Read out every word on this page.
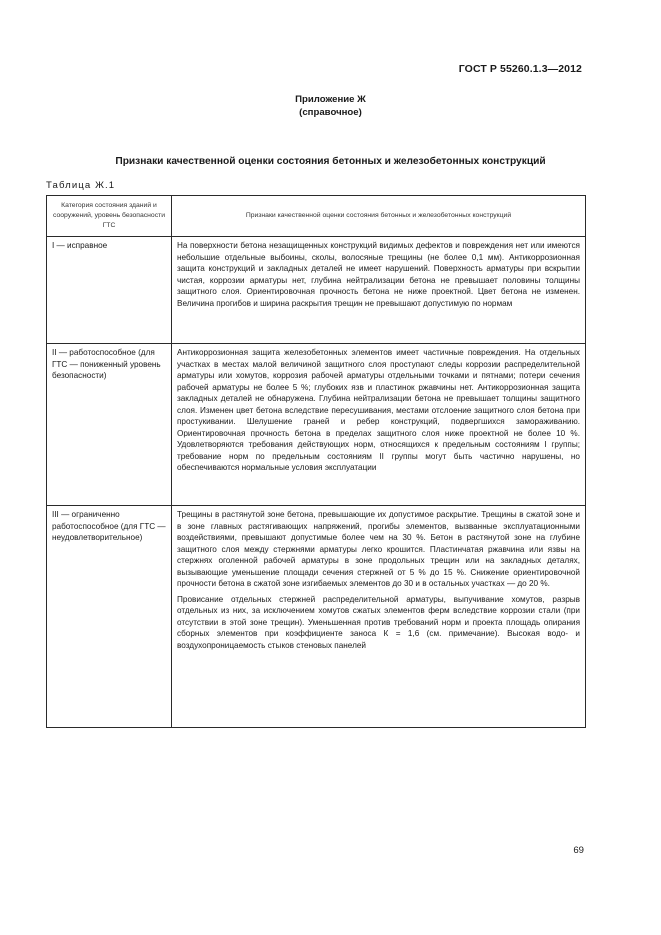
ГОСТ Р 55260.1.3—2012
Приложение Ж
(справочное)
Признаки качественной оценки состояния бетонных и железобетонных конструкций
Таблица Ж.1
Категория состояния зданий и сооружений, уровень безопасности ГТС	Признаки качественной оценки состояния бетонных и железобетонных конструкций
I — исправное	На поверхности бетона незащищенных конструкций видимых дефектов и повреждения нет или имеются небольшие отдельные выбоины, сколы, волосяные трещины (не более 0,1 мм). Антикоррозионная защита конструкций и закладных деталей не имеет нарушений. Поверхность арматуры при вскрытии чистая, коррозии арматуры нет, глубина нейтрализации бетона не превышает половины толщины защитного слоя. Ориентировочная прочность бетона не ниже проектной. Цвет бетона не изменен. Величина прогибов и ширина раскрытия трещин не превышают допустимую по нормам

II — работоспособное (для ГТС — пониженный уровень безопасности)	Антикоррозионная защита железобетонных элементов имеет частичные повреждения. На отдельных участках в местах малой величиной защитного слоя проступают следы коррозии распределительной арматуры или хомутов, коррозия рабочей арматуры отдельными точками и пятнами; потери сечения рабочей арматуры не более 5 %; глубоких язв и пластинок ржавчины нет. Антикоррозионная защита закладных деталей не обнаружена. Глубина нейтрализации бетона не превышает толщины защитного слоя. Изменен цвет бетона вследствие пересушивания, местами отслоение защитного слоя бетона при простукивании. Шелушение граней и ребер конструкций, подвергшихся замораживанию. Ориентировочная прочность бетона в пределах защитного слоя ниже проектной не более 10 %. Удовлетворяются требования действующих норм, относящихся к предельным состояниям I группы; требование норм по предельным состояниям II группы могут быть частично нарушены, но обеспечиваются нормальные условия эксплуатации

III — ограниченно работоспособное (для ГТС — неудовлетворительное)	Трещины в растянутой зоне бетона, превышающие их допустимое раскрытие. Трещины в сжатой зоне и в зоне главных растягивающих напряжений, прогибы элементов, вызванные эксплуатационными воздействиями, превышают допустимые более чем на 30 %. Бетон в растянутой зоне на глубине защитного слоя между стержнями арматуры легко крошится. Пластинчатая ржавчина или язвы на стержнях оголенной рабочей арматуры в зоне продольных трещин или на закладных деталях, вызывающие уменьшение площади сечения стержней от 5 % до 15 %. Снижение ориентировочной прочности бетона в сжатой зоне изгибаемых элементов до 30 и в остальных участках — до 20 %.
Провисание отдельных стержней распределительной арматуры, выпучивание хомутов, разрыв отдельных из них, за исключением хомутов сжатых элементов ферм вследствие коррозии стали (при отсутствии в этой зоне трещин). Уменьшенная против требований норм и проекта площадь опирания сборных элементов при коэффициенте заноса К = 1,6 (см. примечание). Высокая водо- и воздухопроницаемость стыков стеновых панелей
69
